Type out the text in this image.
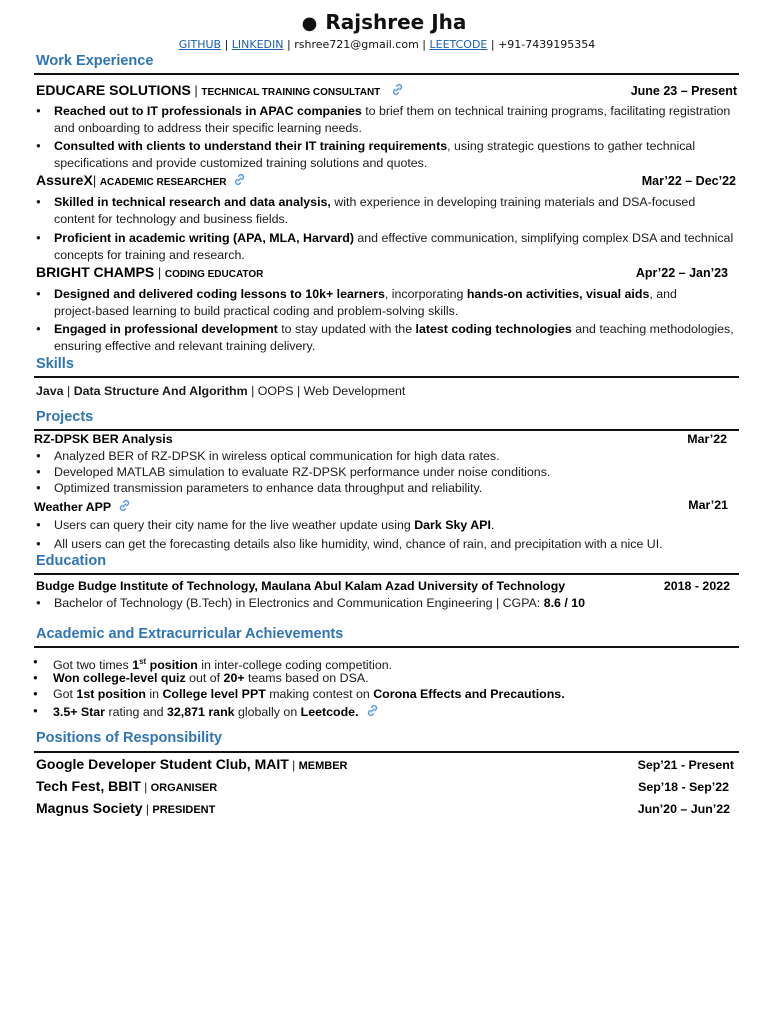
● Rajshree Jha
GITHUB | LINKEDIN | rshree721@gmail.com | LEETCODE | +91-7439195354
Work Experience
EDUCARE SOLUTIONS | TECHNICAL TRAINING CONSULTANT	June 23 – Present
● Reached out to IT professionals in APAC companies to brief them on technical training programs, facilitating registration
and onboarding to address their specific learning needs.
● Consulted with clients to understand their IT training requirements, using strategic questions to gather technical
specifications and provide customized training solutions and quotes.
AssureX| ACADEMIC RESEARCHER	Mar’22 – Dec’22
● Skilled in technical research and data analysis, with experience in developing training materials and DSA-focused
content for technology and business fields.
● Proficient in academic writing (APA, MLA, Harvard) and effective communication, simplifying complex DSA and technical
concepts for training and research.
BRIGHT CHAMPS | CODING EDUCATOR	Apr’22 – Jan’23
● Designed and delivered coding lessons to 10k+ learners, incorporating hands-on activities, visual aids, and
project-based learning to build practical coding and problem-solving skills.
● Engaged in professional development to stay updated with the latest coding technologies and teaching methodologies,
ensuring effective and relevant training delivery.
Skills
Java | Data Structure And Algorithm | OOPS | Web Development
Projects
RZ-DPSK BER Analysis	Mar’22
● Analyzed BER of RZ-DPSK in wireless optical communication for high data rates.
● Developed MATLAB simulation to evaluate RZ-DPSK performance under noise conditions.
● Optimized transmission parameters to enhance data throughput and reliability.
Weather APP	Mar’21
● Users can query their city name for the live weather update using Dark Sky API.
● All users can get the forecasting details also like humidity, wind, chance of rain, and precipitation with a nice UI.
Education
Budge Budge Institute of Technology, Maulana Abul Kalam Azad University of Technology	2018 - 2022
● Bachelor of Technology (B.Tech) in Electronics and Communication Engineering | CGPA: 8.6 / 10
Academic and Extracurricular Achievements
● Got two times 1st position in inter-college coding competition.
● Won college-level quiz out of 20+ teams based on DSA.
● Got 1st position in College level PPT making contest on Corona Effects and Precautions.
● 3.5+ Star rating and 32,871 rank globally on Leetcode.
Positions of Responsibility
Google Developer Student Club, MAIT | MEMBER	Sep’21 - Present
Tech Fest, BBIT | ORGANISER	Sep’18 - Sep’22
Magnus Society | PRESIDENT	Jun’20 – Jun’22
